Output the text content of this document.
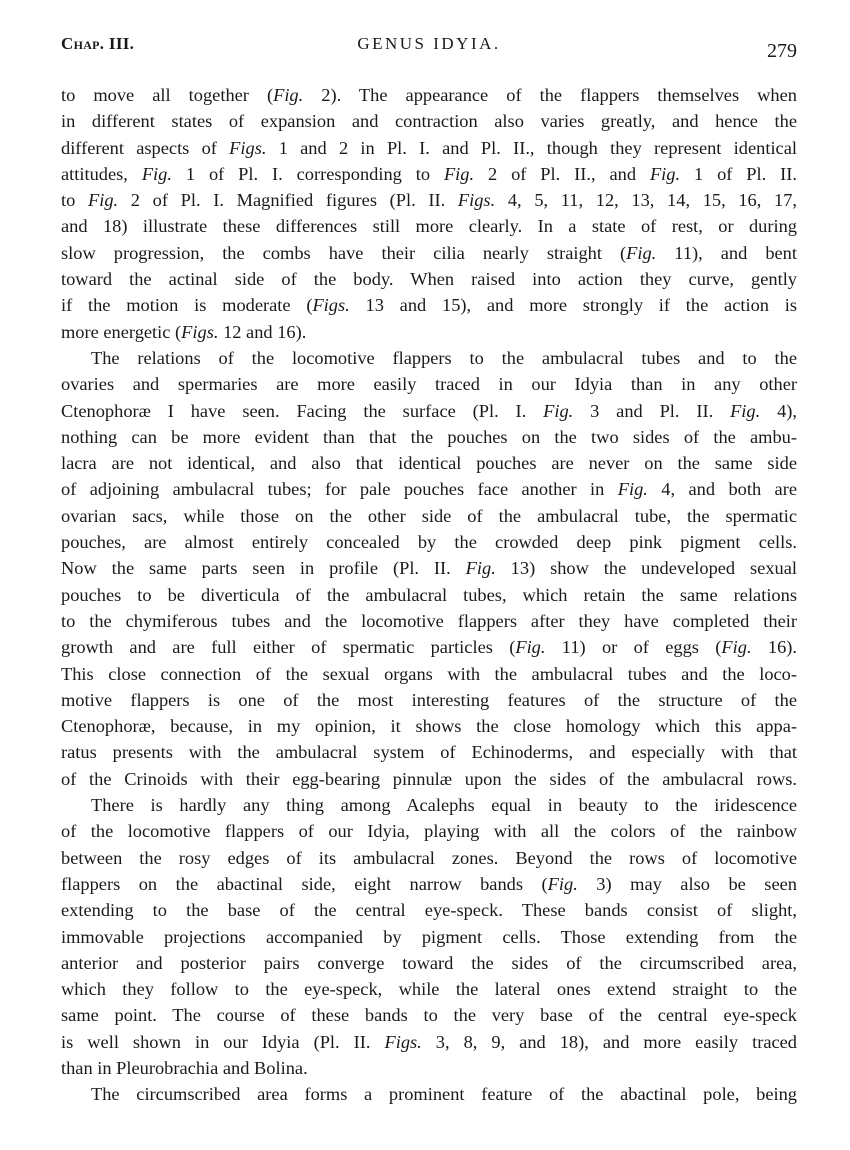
Chap. III.	GENUS IDYIA.	279
to move all together (Fig. 2). The appearance of the flappers themselves when
in different states of expansion and contraction also varies greatly, and hence the
different aspects of Figs. 1 and 2 in Pl. I. and Pl. II., though they represent identical
attitudes, Fig. 1 of Pl. I. corresponding to Fig. 2 of Pl. II., and Fig. 1 of Pl. II.
to Fig. 2 of Pl. I. Magnified figures (Pl. II. Figs. 4, 5, 11, 12, 13, 14, 15, 16, 17,
and 18) illustrate these differences still more clearly. In a state of rest, or during
slow progression, the combs have their cilia nearly straight (Fig. 11), and bent
toward the actinal side of the body. When raised into action they curve, gently
if the motion is moderate (Figs. 13 and 15), and more strongly if the action is
more energetic (Figs. 12 and 16).
The relations of the locomotive flappers to the ambulacral tubes and to the
ovaries and spermaries are more easily traced in our Idyia than in any other
Ctenophoræ I have seen. Facing the surface (Pl. I. Fig. 3 and Pl. II. Fig. 4),
nothing can be more evident than that the pouches on the two sides of the ambu-
lacra are not identical, and also that identical pouches are never on the same side
of adjoining ambulacral tubes; for pale pouches face another in Fig. 4, and both are
ovarian sacs, while those on the other side of the ambulacral tube, the spermatic
pouches, are almost entirely concealed by the crowded deep pink pigment cells.
Now the same parts seen in profile (Pl. II. Fig. 13) show the undeveloped sexual
pouches to be diverticula of the ambulacral tubes, which retain the same relations
to the chymiferous tubes and the locomotive flappers after they have completed their
growth and are full either of spermatic particles (Fig. 11) or of eggs (Fig. 16).
This close connection of the sexual organs with the ambulacral tubes and the loco-
motive flappers is one of the most interesting features of the structure of the
Ctenophoræ, because, in my opinion, it shows the close homology which this appa-
ratus presents with the ambulacral system of Echinoderms, and especially with that
of the Crinoids with their egg-bearing pinnulæ upon the sides of the ambulacral rows.
There is hardly any thing among Acalephs equal in beauty to the iridescence
of the locomotive flappers of our Idyia, playing with all the colors of the rainbow
between the rosy edges of its ambulacral zones. Beyond the rows of locomotive
flappers on the abactinal side, eight narrow bands (Fig. 3) may also be seen
extending to the base of the central eye-speck. These bands consist of slight,
immovable projections accompanied by pigment cells. Those extending from the
anterior and posterior pairs converge toward the sides of the circumscribed area,
which they follow to the eye-speck, while the lateral ones extend straight to the
same point. The course of these bands to the very base of the central eye-speck
is well shown in our Idyia (Pl. II. Figs. 3, 8, 9, and 18), and more easily traced
than in Pleurobrachia and Bolina.
The circumscribed area forms a prominent feature of the abactinal pole, being
